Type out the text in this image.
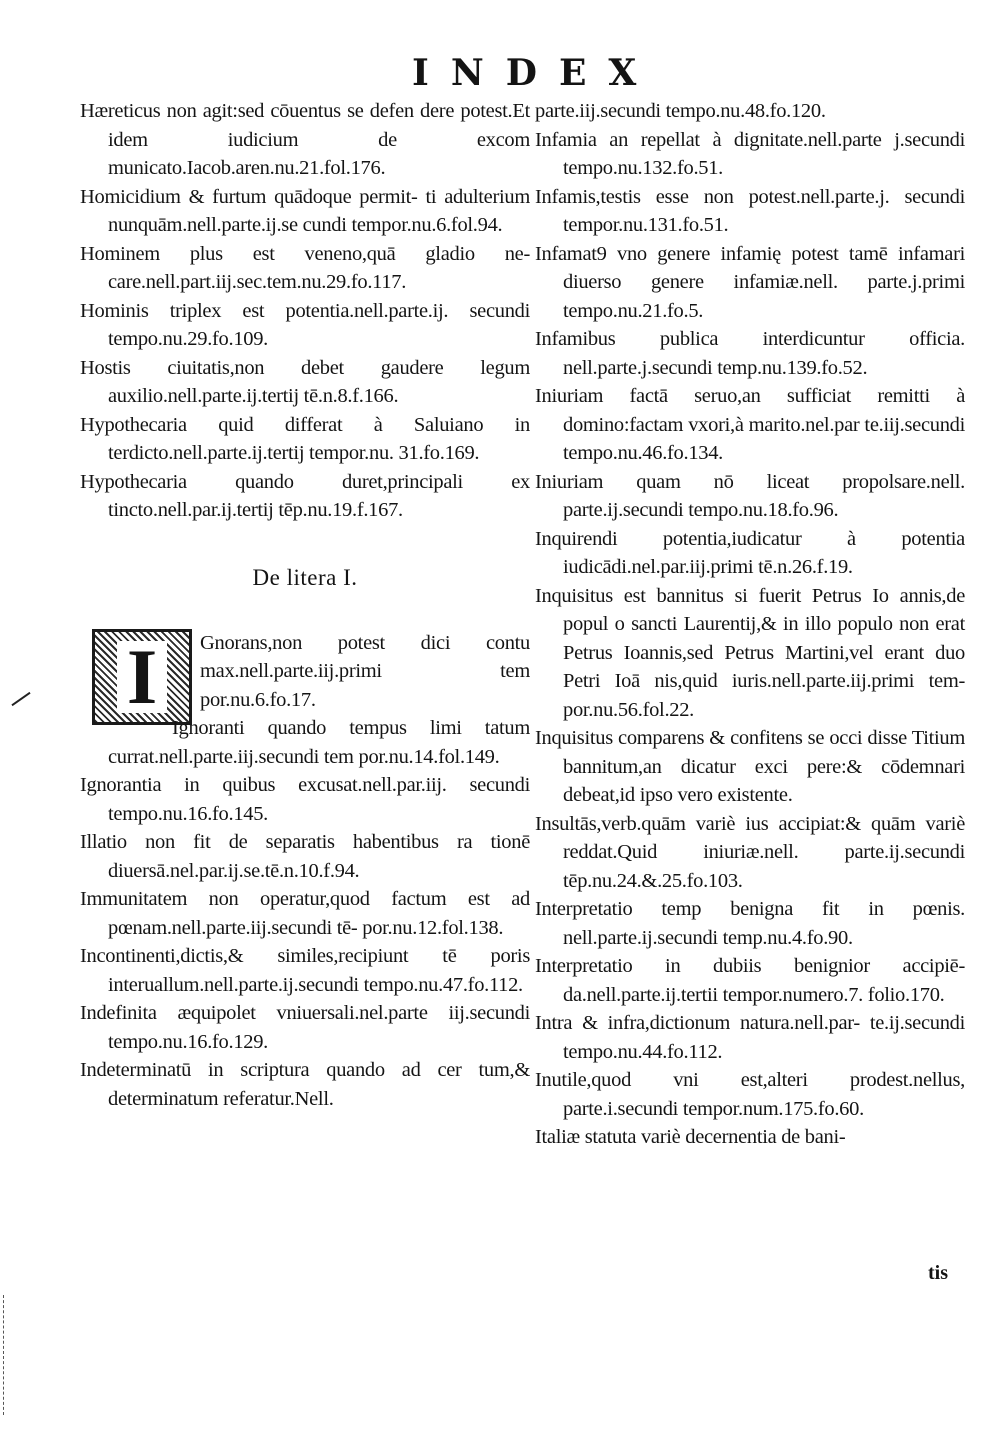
INDEX

Hæreticus non agit:sed cōuentus se defen dere potest.Et idem iudicium de excom municato.Iacob.aren.nu.21.fol.176.

Homicidium & furtum quādoque permit- ti adulterium nunquām.nell.parte.ij.se cundi tempor.nu.6.fol.94.

Hominem plus est veneno,quā gladio ne- care.nell.part.iij.sec.tem.nu.29.fo.117.

Hominis triplex est potentia.nell.parte.ij. secundi tempo.nu.29.fo.109.

Hostis ciuitatis,non debet gaudere legum auxilio.nell.parte.ij.tertij tē.n.8.f.166.

Hypothecaria quid differat à Saluiano in terdicto.nell.parte.ij.tertij tempor.nu. 31.fo.169.

Hypothecaria quando duret,principali ex tincto.nell.par.ij.tertij tēp.nu.19.f.167.

De litera I.
I	Gnorans,non potest dici contu max.nell.parte.iij.primi tem por.nu.6.fo.17.

Ignoranti quando tempus limi tatum currat.nell.parte.iij.secundi tem por.nu.14.fol.149.

Ignorantia in quibus excusat.nell.par.iij. secundi tempo.nu.16.fo.145.

Illatio non fit de separatis habentibus ra tionē diuersā.nel.par.ij.se.tē.n.10.f.94.

Immunitatem non operatur,quod factum est ad pœnam.nell.parte.iij.secundi tē- por.nu.12.fol.138.

Incontinenti,dictis,& similes,recipiunt tē poris interuallum.nell.parte.ij.secundi tempo.nu.47.fo.112.

Indefinita æquipolet vniuersali.nel.parte iij.secundi tempo.nu.16.fo.129.

Indeterminatū in scriptura quando ad cer tum,& determinatum referatur.Nell.

parte.iij.secundi tempo.nu.48.fo.120.

Infamia an repellat à dignitate.nell.parte j.secundi tempo.nu.132.fo.51.

Infamis,testis esse non potest.nell.parte.j. secundi tempor.nu.131.fo.51.

Infamat9 vno genere infamię potest tamē infamari diuerso genere infamiæ.nell. parte.j.primi tempo.nu.21.fo.5.

Infamibus publica interdicuntur officia. nell.parte.j.secundi temp.nu.139.fo.52.

Iniuriam factā seruo,an sufficiat remitti à domino:factam vxori,à marito.nel.par te.iij.secundi tempo.nu.46.fo.134.

Iniuriam quam nō liceat propolsare.nell. parte.ij.secundi tempo.nu.18.fo.96.

Inquirendi potentia,iudicatur à potentia iudicādi.nel.par.iij.primi tē.n.26.f.19.

Inquisitus est bannitus si fuerit Petrus Io annis,de popul o sancti Laurentij,& in illo populo non erat Petrus Ioannis,sed Petrus Martini,vel erant duo Petri Ioā nis,quid iuris.nell.parte.iij.primi tem- por.nu.56.fol.22.

Inquisitus comparens & confitens se occi disse Titium bannitum,an dicatur exci pere:& cōdemnari debeat,id ipso vero existente.

Insultās,verb.quām variè ius accipiat:& quām variè reddat.Quid iniuriæ.nell. parte.ij.secundi tēp.nu.24.&.25.fo.103.

Interpretatio temp benigna fit in pœnis. nell.parte.ij.secundi temp.nu.4.fo.90.

Interpretatio in dubiis benignior accipiē- da.nell.parte.ij.tertii tempor.numero.7. folio.170.

Intra & infra,dictionum natura.nell.par- te.ij.secundi tempo.nu.44.fo.112.

Inutile,quod vni est,alteri prodest.nellus, parte.i.secundi tempor.num.175.fo.60.

Italiæ statuta variè decernentia de bani-

tis
